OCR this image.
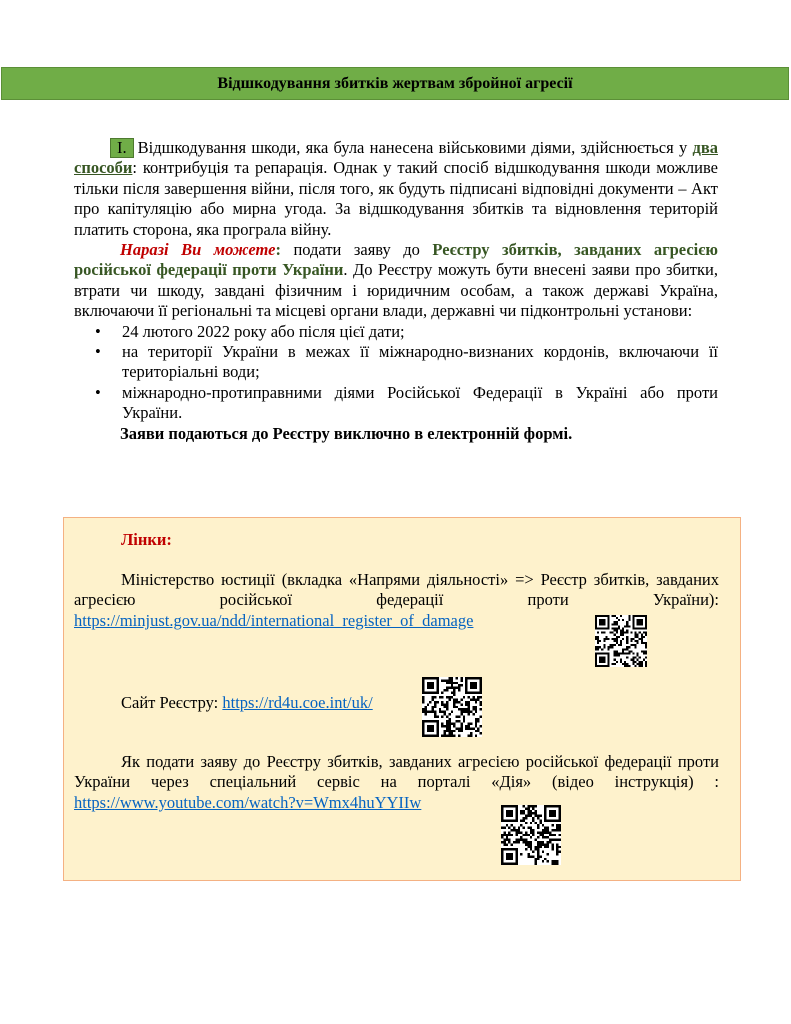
Відшкодування збитків жертвам збройної агресії

I. Відшкодування шкоди, яка була нанесена військовими діями, здійснюється у два способи: контрибуція та репарація. Однак у такий спосіб відшкодування шкоди можливе тільки після завершення війни, після того, як будуть підписані відповідні документи – Акт про капітуляцію або мирна угода. За відшкодування збитків та відновлення територій платить сторона, яка програла війну.

Наразі Ви можете: подати заяву до Реєстру збитків, завданих агресією російської федерації проти України. До Реєстру можуть бути внесені заяви про збитки, втрати чи шкоду, завдані фізичним і юридичним особам, а також державі Україна, включаючи її регіональні та місцеві органи влади, державні чи підконтрольні установи:

• 24 лютого 2022 року або після цієї дати;
• на території України в межах її міжнародно-визнаних кордонів, включаючи її територіальні води;
• міжнародно-протиправними діями Російської Федерації в Україні або проти України.

Заяви подаються до Реєстру виключно в електронній формі.

Лінки:
Міністерство юстиції (вкладка «Напрями діяльності» => Реєстр збитків, завданих агресією російської федерації проти України): https://minjust.gov.ua/ndd/international_register_of_damage
Сайт Реєстру: https://rd4u.coe.int/uk/
Як подати заяву до Реєстру збитків, завданих агресією російської федерації проти України через спеціальний сервіс на порталі «Дія» (відео інструкція) : https://www.youtube.com/watch?v=Wmx4huYYIIw
